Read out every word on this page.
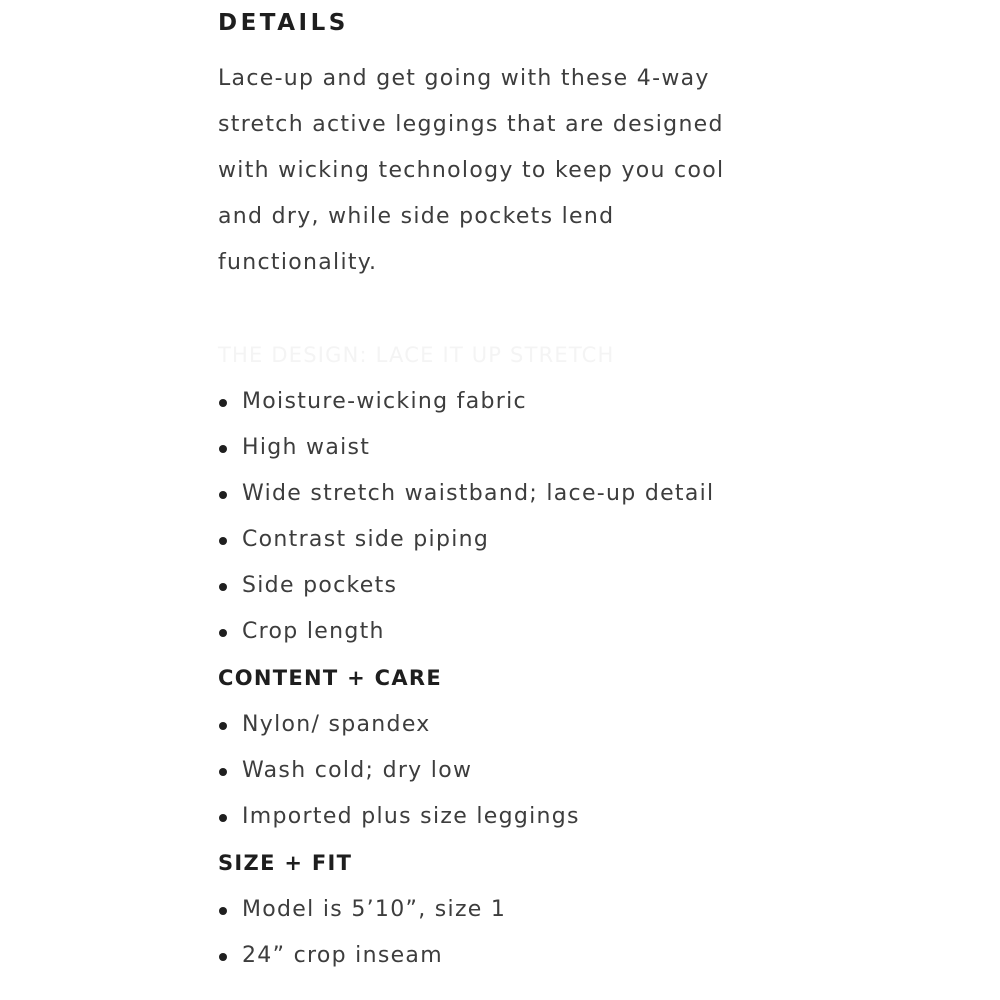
DETAILS

Lace-up and get going with these 4-way stretch active leggings that are designed with wicking technology to keep you cool and dry, while side pockets lend functionality.

THE DESIGN: LACE IT UP STRETCH
Moisture-wicking fabric
High waist
Wide stretch waistband; lace-up detail
Contrast side piping
Side pockets
Crop length
CONTENT + CARE
Nylon/ spandex
Wash cold; dry low
Imported plus size leggings
SIZE + FIT
Model is 5’10”, size 1
24” crop inseam
